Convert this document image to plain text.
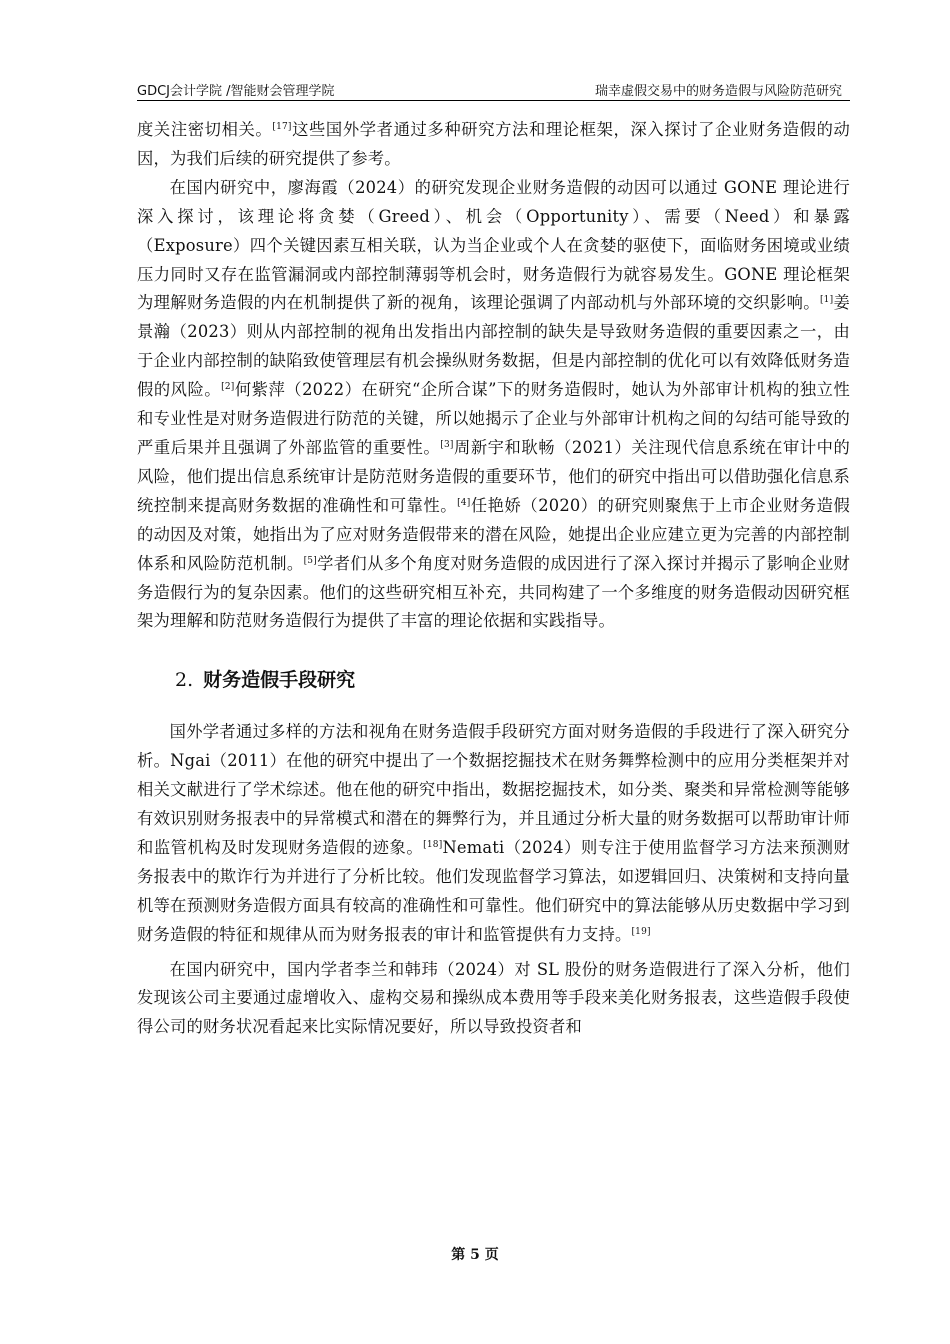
GDCJ会计学院 /智能财会管理学院	瑞幸虚假交易中的财务造假与风险防范研究

度关注密切相关。[17]这些国外学者通过多种研究方法和理论框架，深入探讨了企业财务造假的动因，为我们后续的研究提供了参考。

在国内研究中，廖海霞（2024）的研究发现企业财务造假的动因可以通过 GONE 理论进行深入探讨，该理论将贪婪（Greed）、机会（Opportunity）、需要（Need）和暴露（Exposure）四个关键因素互相关联，认为当企业或个人在贪婪的驱使下，面临财务困境或业绩压力同时又存在监管漏洞或内部控制薄弱等机会时，财务造假行为就容易发生。GONE 理论框架为理解财务造假的内在机制提供了新的视角，该理论强调了内部动机与外部环境的交织影响。[1]姜景瀚（2023）则从内部控制的视角出发指出内部控制的缺失是导致财务造假的重要因素之一，由于企业内部控制的缺陷致使管理层有机会操纵财务数据，但是内部控制的优化可以有效降低财务造假的风险。[2]何紫萍（2022）在研究“企所合谋”下的财务造假时，她认为外部审计机构的独立性和专业性是对财务造假进行防范的关键，所以她揭示了企业与外部审计机构之间的勾结可能导致的严重后果并且强调了外部监管的重要性。[3]周新宇和耿畅（2021）关注现代信息系统在审计中的风险，他们提出信息系统审计是防范财务造假的重要环节，他们的研究中指出可以借助强化信息系统控制来提高财务数据的准确性和可靠性。[4]任艳娇（2020）的研究则聚焦于上市企业财务造假的动因及对策，她指出为了应对财务造假带来的潜在风险，她提出企业应建立更为完善的内部控制体系和风险防范机制。[5]学者们从多个角度对财务造假的成因进行了深入探讨并揭示了影响企业财务造假行为的复杂因素。他们的这些研究相互补充，共同构建了一个多维度的财务造假动因研究框架为理解和防范财务造假行为提供了丰富的理论依据和实践指导。

2. 财务造假手段研究

国外学者通过多样的方法和视角在财务造假手段研究方面对财务造假的手段进行了深入研究分析。Ngai（2011）在他的研究中提出了一个数据挖掘技术在财务舞弊检测中的应用分类框架并对相关文献进行了学术综述。他在他的研究中指出，数据挖掘技术，如分类、聚类和异常检测等能够有效识别财务报表中的异常模式和潜在的舞弊行为，并且通过分析大量的财务数据可以帮助审计师和监管机构及时发现财务造假的迹象。[18]Nemati（2024）则专注于使用监督学习方法来预测财务报表中的欺诈行为并进行了分析比较。他们发现监督学习算法，如逻辑回归、决策树和支持向量机等在预测财务造假方面具有较高的准确性和可靠性。他们研究中的算法能够从历史数据中学习到财务造假的特征和规律从而为财务报表的审计和监管提供有力支持。[19]

在国内研究中，国内学者李兰和韩玮（2024）对 SL 股份的财务造假进行了深入分析，他们发现该公司主要通过虚增收入、虚构交易和操纵成本费用等手段来美化财务报表，这些造假手段使得公司的财务状况看起来比实际情况要好，所以导致投资者和

第 5 页
